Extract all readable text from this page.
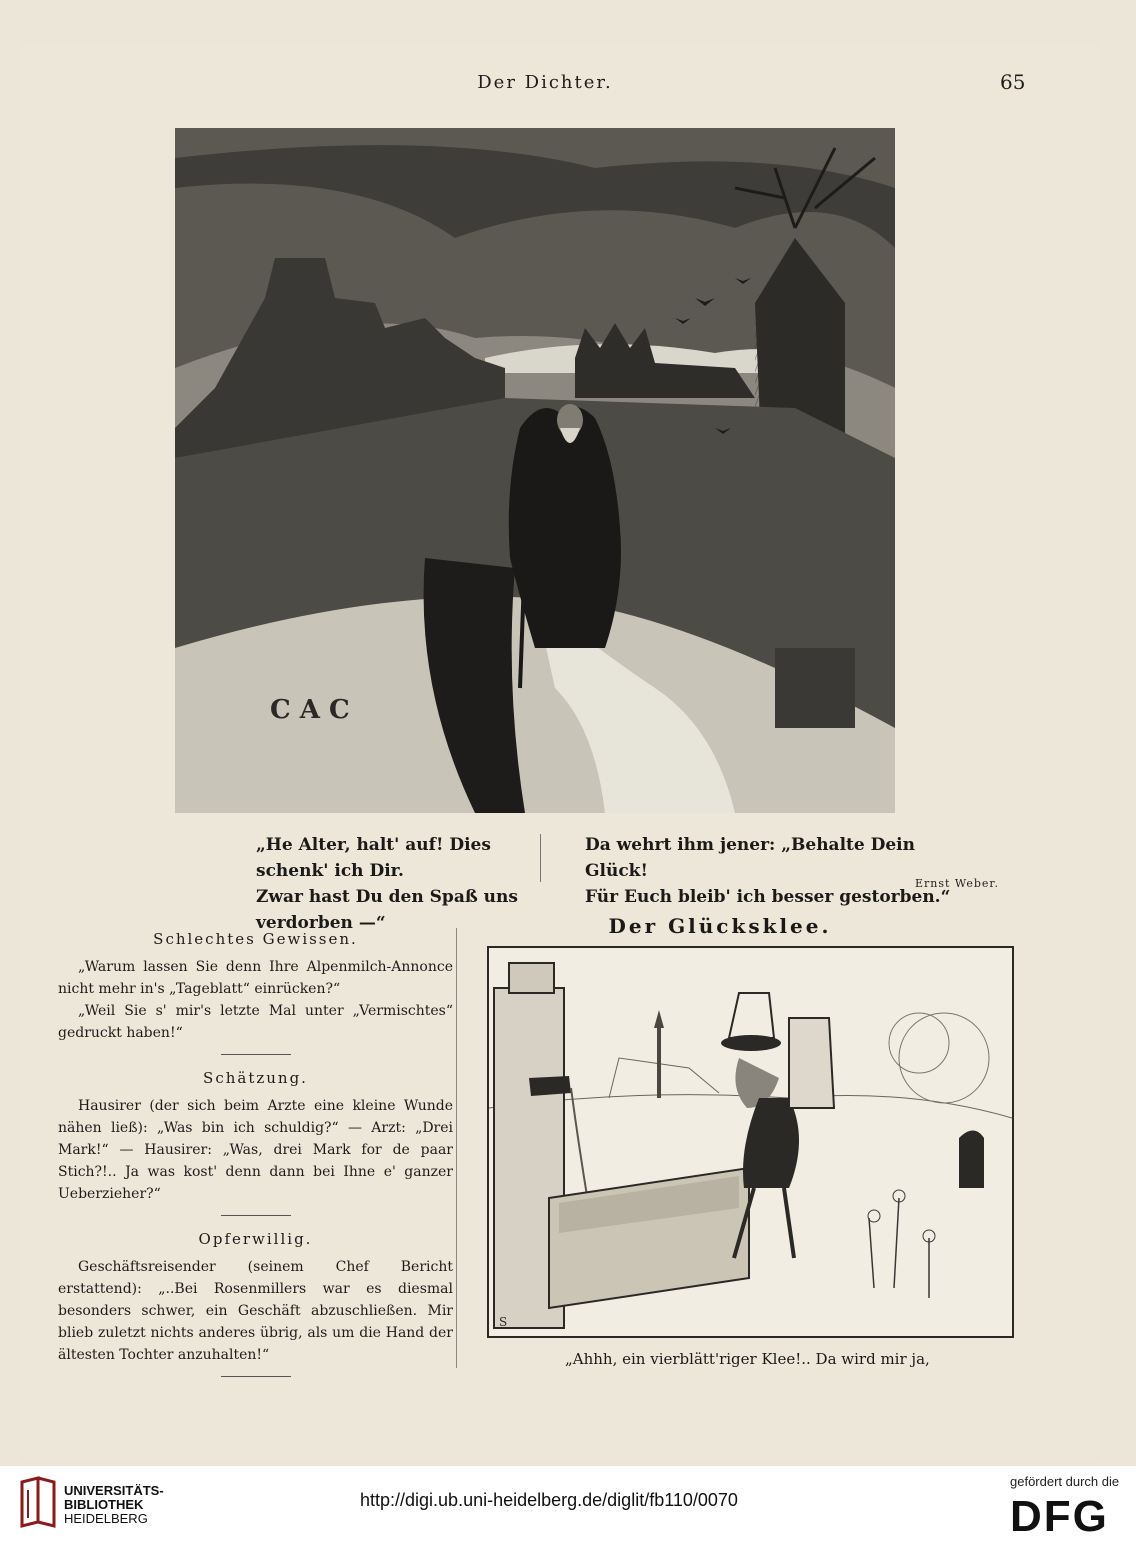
Der Dichter.	65
C A C
„He Alter, halt' auf! Dies schenk' ich Dir.
Zwar hast Du den Spaß uns verdorben —“
Da wehrt ihm jener: „Behalte Dein Glück!
Für Euch bleib' ich besser gestorben.“
Ernst Weber.
Schlechtes Gewissen.

„Warum lassen Sie denn Ihre Alpenmilch-Annonce nicht mehr in's „Tageblatt“ einrücken?“

„Weil Sie s' mir's letzte Mal unter „Vermischtes“ gedruckt haben!“

Schätzung.

Hausirer (der sich beim Arzte eine kleine Wunde nähen ließ): „Was bin ich schuldig?“ — Arzt: „Drei Mark!“ — Hausirer: „Was, drei Mark for de paar Stich?!.. Ja was kost' denn dann bei Ihne e' ganzer Ueberzieher?“

Opferwillig.

Geschäftsreisender (seinem Chef Bericht erstattend): „..Bei Rosenmillers war es diesmal besonders schwer, ein Geschäft abzuschließen. Mir blieb zuletzt nichts anderes übrig, als um die Hand der ältesten Tochter anzuhalten!“

Der Glücksklee.
S
„Ahhh, ein vierblätt'riger Klee!.. Da wird mir ja,
UNIVERSITÄTS-
BIBLIOTHEK
HEIDELBERG
http://digi.ub.uni-heidelberg.de/diglit/fb110/0070
gefördert durch die
DFG
